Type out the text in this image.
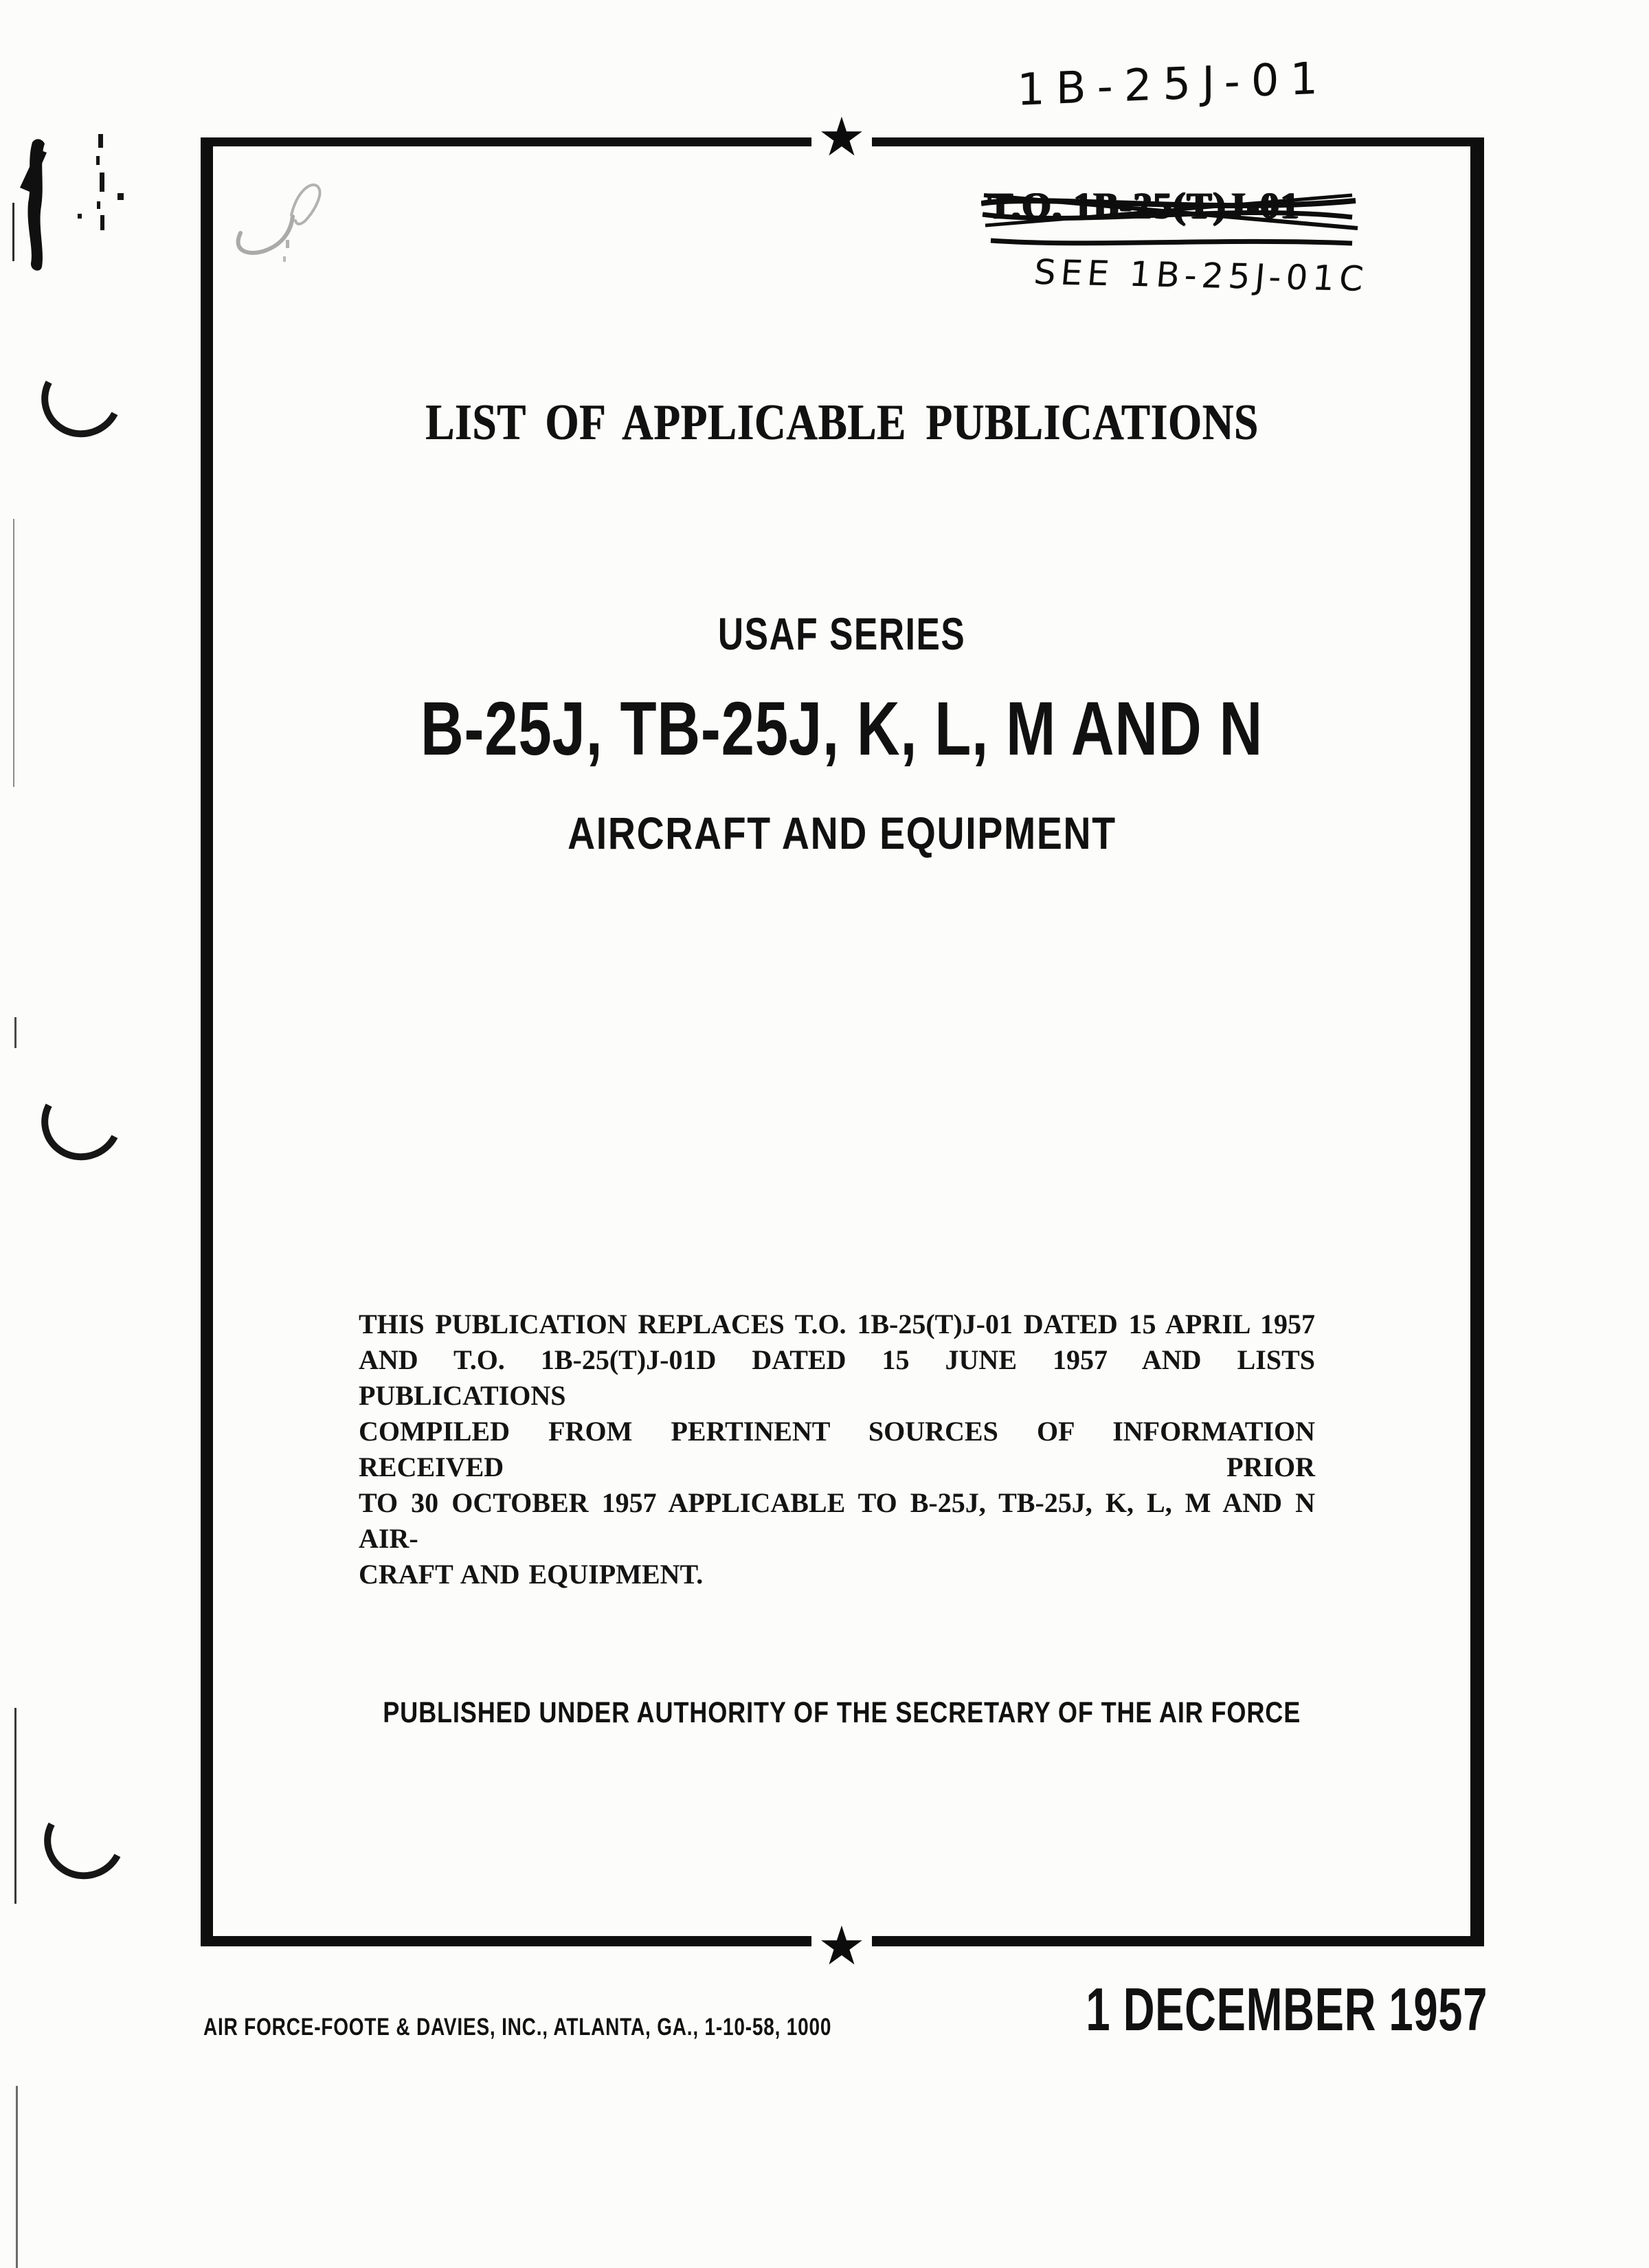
1B-25J-01
T.O. 1B-25(T)J-01
SEE 1B-25J-01C
★
★
LIST OF APPLICABLE PUBLICATIONS
USAF SERIES
B-25J, TB-25J, K, L, M AND N
AIRCRAFT AND EQUIPMENT
THIS PUBLICATION REPLACES T.O. 1B-25(T)J-01 DATED 15 APRIL 1957
AND T.O. 1B-25(T)J-01D DATED 15 JUNE 1957 AND LISTS PUBLICATIONS
COMPILED FROM PERTINENT SOURCES OF INFORMATION RECEIVED PRIOR
TO 30 OCTOBER 1957 APPLICABLE TO B-25J, TB-25J, K, L, M AND N AIR-
CRAFT AND EQUIPMENT.
PUBLISHED UNDER AUTHORITY OF THE SECRETARY OF THE AIR FORCE
AIR FORCE-FOOTE & DAVIES, INC., ATLANTA, GA., 1-10-58, 1000	1 DECEMBER 1957
